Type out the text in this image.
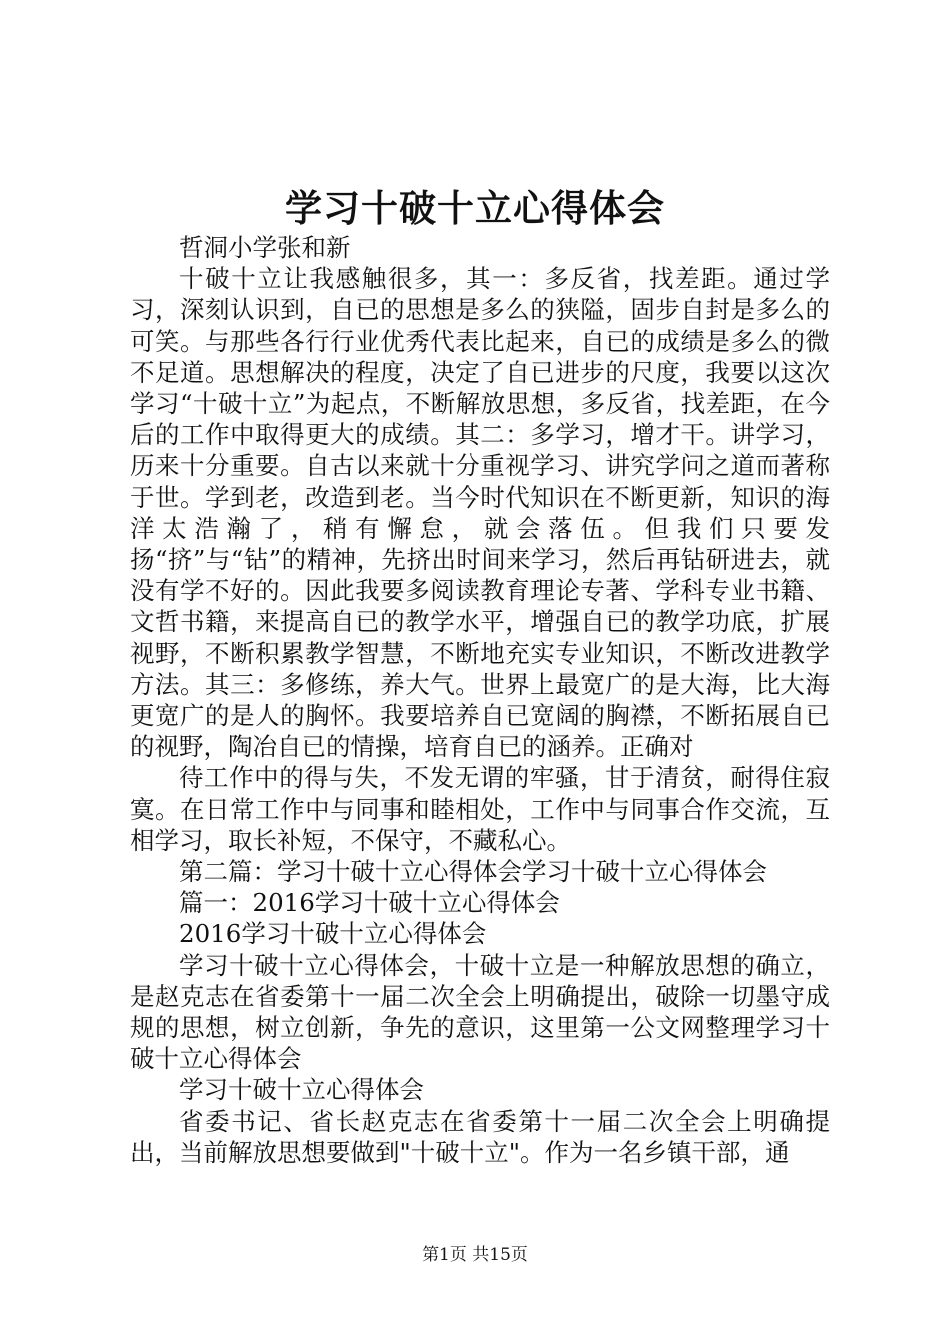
学习十破十立心得体会

哲洞小学张和新

十破十立让我感触很多，其一：多反省，找差距。通过学习，深刻认识到，自已的思想是多么的狭隘，固步自封是多么的可笑。与那些各行行业优秀代表比起来，自已的成绩是多么的微不足道。思想解决的程度，决定了自已进步的尺度，我要以这次学习“十破十立”为起点，不断解放思想，多反省，找差距，在今后的工作中取得更大的成绩。其二：多学习，增才干。讲学习，历来十分重要。自古以来就十分重视学习、讲究学问之道而著称于世。学到老，改造到老。当今时代知识在不断更新，知识的海洋太浩瀚了，稍有懈怠，就会落伍。但我们只要发扬“挤”与“钻”的精神，先挤出时间来学习，然后再钻研进去，就没有学不好的。因此我要多阅读教育理论专著、学科专业书籍、文哲书籍，来提高自已的教学水平，增强自已的教学功底，扩展视野，不断积累教学智慧，不断地充实专业知识，不断改进教学方法。其三：多修练，养大气。世界上最宽广的是大海，比大海更宽广的是人的胸怀。我要培养自已宽阔的胸襟，不断拓展自已的视野，陶冶自已的情操，培育自已的涵养。正确对

待工作中的得与失，不发无谓的牢骚，甘于清贫，耐得住寂寞。在日常工作中与同事和睦相处，工作中与同事合作交流，互相学习，取长补短，不保守，不藏私心。

第二篇：学习十破十立心得体会学习十破十立心得体会

篇一：2016学习十破十立心得体会

2016学习十破十立心得体会

学习十破十立心得体会，十破十立是一种解放思想的确立，是赵克志在省委第十一届二次全会上明确提出，破除一切墨守成规的思想，树立创新，争先的意识，这里第一公文网整理学习十破十立心得体会

学习十破十立心得体会

省委书记、省长赵克志在省委第十一届二次全会上明确提出，当前解放思想要做到"十破十立"。作为一名乡镇干部，通

第1页 共15页
